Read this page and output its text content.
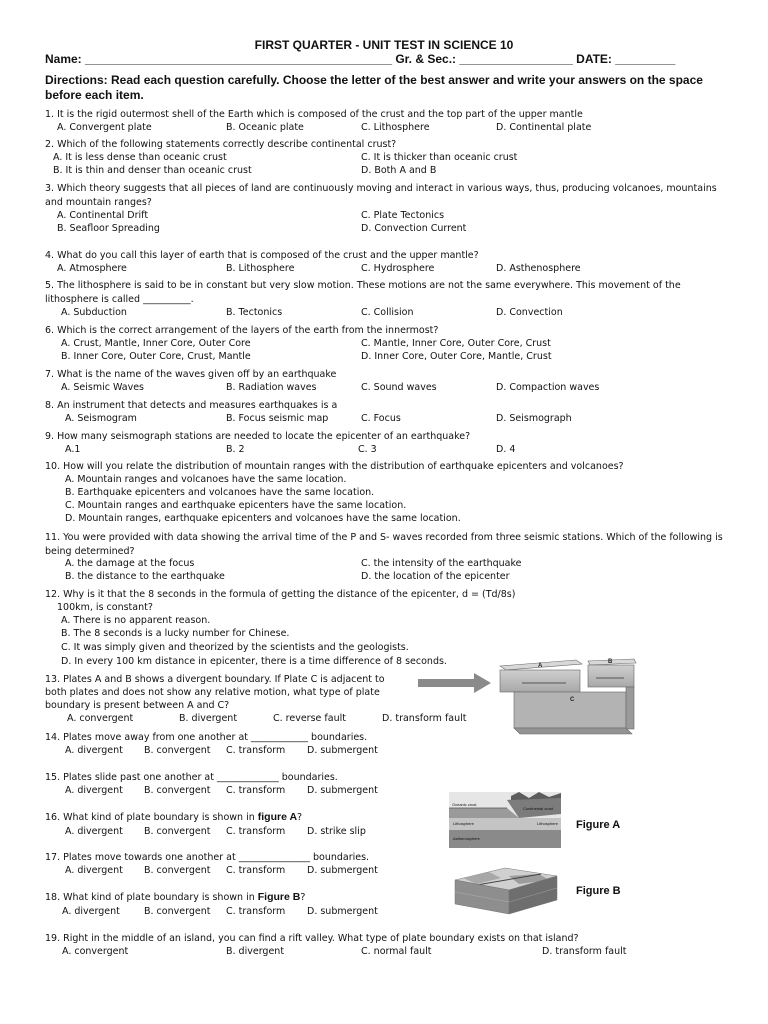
FIRST QUARTER - UNIT TEST IN SCIENCE 10
Name: ______________________________________________ Gr. & Sec.: _________________ DATE: _________
Directions: Read each question carefully. Choose the letter of the best answer and write your answers on the space before each item.
1. It is the rigid outermost shell of the Earth which is composed of the crust and the top part of the upper mantle
A. Convergent plate	B. Oceanic plate	C. Lithosphere	D. Continental plate
2. Which of the following statements correctly describe continental crust?
A. It is less dense than oceanic crust	C. It is thicker than oceanic crust
B. It is thin and denser than oceanic crust	D. Both A and B
3. Which theory suggests that all pieces of land are continuously moving and interact in various ways, thus, producing volcanoes, mountains and mountain ranges?
A. Continental Drift	C. Plate Tectonics
B. Seafloor Spreading	D. Convection Current
4. What do you call this layer of earth that is composed of the crust and the upper mantle?
A. Atmosphere	B. Lithosphere	C. Hydrosphere	D. Asthenosphere
5. The lithosphere is said to be in constant but very slow motion. These motions are not the same everywhere. This movement of the lithosphere is called __________.
A. Subduction	B. Tectonics	C. Collision	D. Convection
6. Which is the correct arrangement of the layers of the earth from the innermost?
A. Crust, Mantle, Inner Core, Outer Core	C. Mantle, Inner Core, Outer Core, Crust
B. Inner Core, Outer Core, Crust, Mantle	D. Inner Core, Outer Core, Mantle, Crust
7. What is the name of the waves given off by an earthquake
A. Seismic Waves	B. Radiation waves	C. Sound waves	D. Compaction waves
8. An instrument that detects and measures earthquakes is a
A. Seismogram	B. Focus seismic map	C. Focus	D. Seismograph
9. How many seismograph stations are needed to locate the epicenter of an earthquake?
A.1	B. 2	C. 3	D. 4
10. How will you relate the distribution of mountain ranges with the distribution of earthquake epicenters and volcanoes?
A. Mountain ranges and volcanoes have the same location.
B. Earthquake epicenters and volcanoes have the same location.
C. Mountain ranges and earthquake epicenters have the same location.
D. Mountain ranges, earthquake epicenters and volcanoes have the same location.
11. You were provided with data showing the arrival time of the P and S- waves recorded from three seismic stations. Which of the following is being determined?
A. the damage at the focus	C. the intensity of the earthquake
B. the distance to the earthquake	D. the location of the epicenter
12. Why is it that the 8 seconds in the formula of getting the distance of the epicenter, d = (Td/8s)
100km, is constant?
A. There is no apparent reason.
B. The 8 seconds is a lucky number for Chinese.
C. It was simply given and theorized by the scientists and the geologists.
D. In every 100 km distance in epicenter, there is a time difference of 8 seconds.
13. Plates A and B shows a divergent boundary. If Plate C is adjacent to
both plates and does not show any relative motion, what type of plate
boundary is present between A and C?
A. convergent	B. divergent	C. reverse fault	D. transform fault
A
B
C
14. Plates move away from one another at ____________ boundaries.
A. divergent B. convergent C. transform D. submergent
15. Plates slide past one another at _____________ boundaries.
A. divergent B. convergent C. transform D. submergent
16. What kind of plate boundary is shown in figure A?
A. divergent B. convergent C. transform D. strike slip
Oceanic crust
Continental crust
Lithosphere	Lithosphere
Asthenosphere
Figure A
17. Plates move towards one another at _______________ boundaries.
A. divergent B. convergent C. transform D. submergent
Figure B
18. What kind of plate boundary is shown in Figure B?
A. divergent	B. convergent C. transform D. submergent
19. Right in the middle of an island, you can find a rift valley. What type of plate boundary exists on that island?
A. convergent	B. divergent	C. normal fault	D. transform fault
